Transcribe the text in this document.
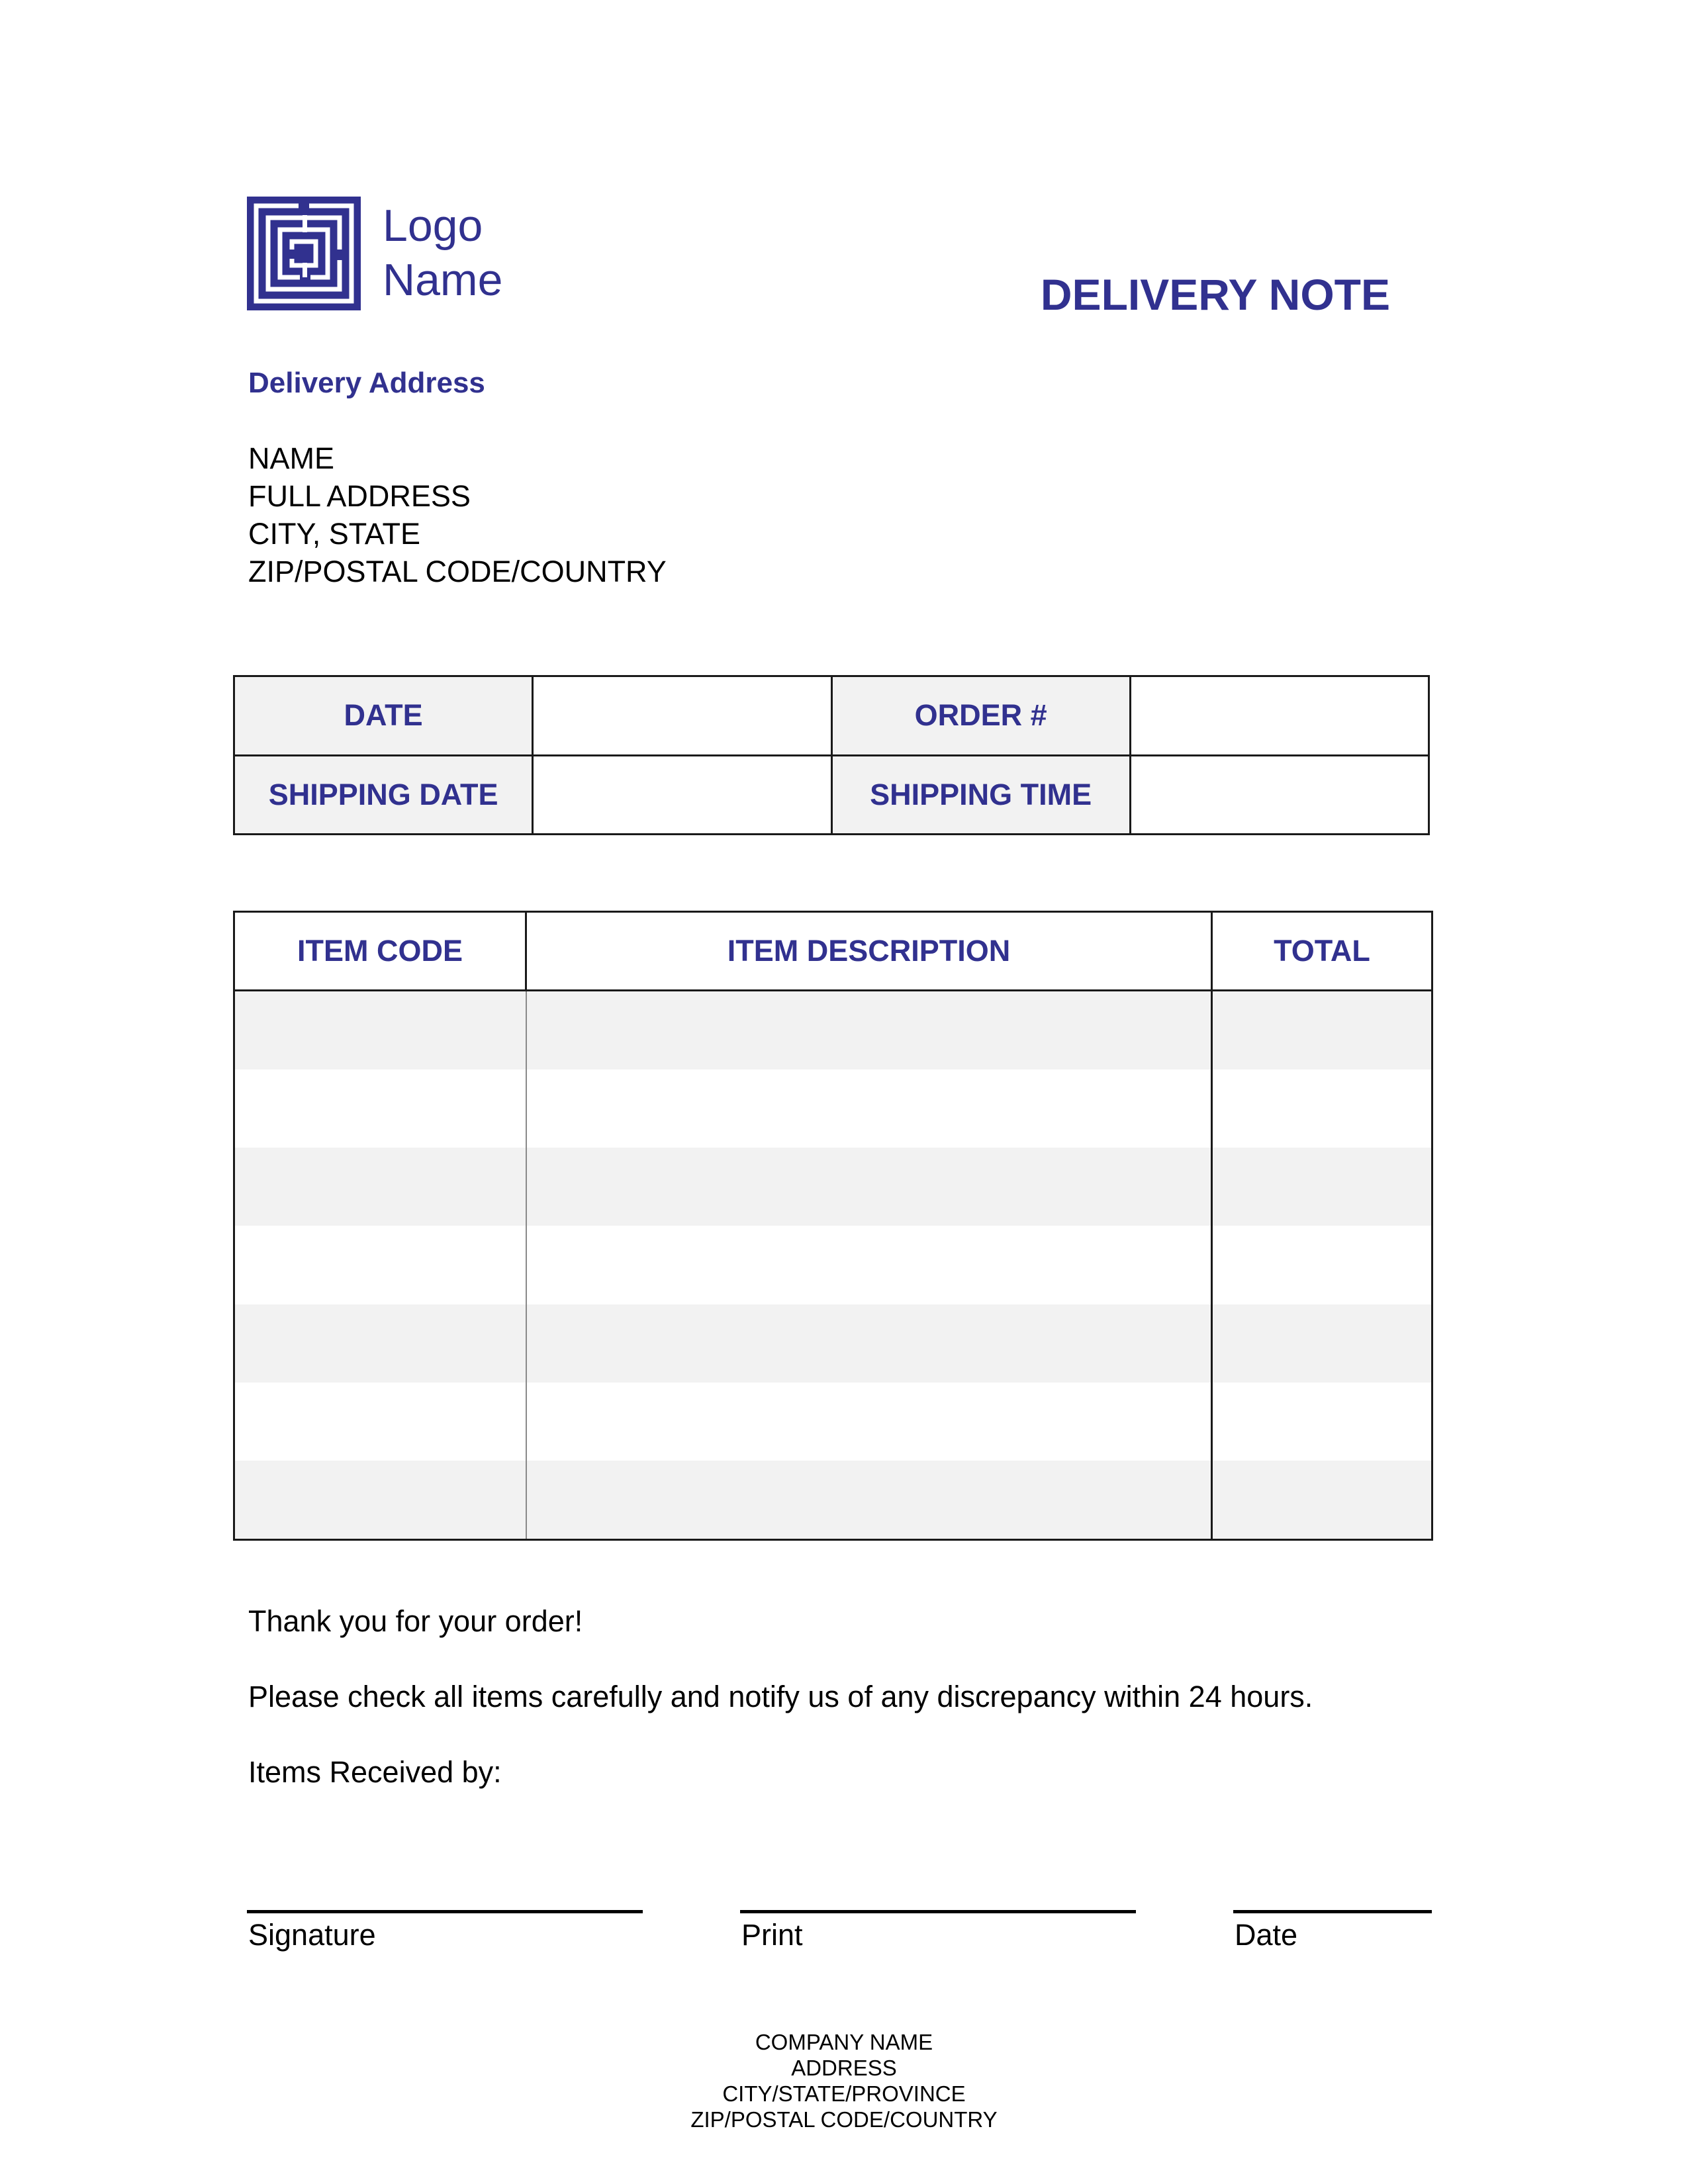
Logo
Name	DELIVERY NOTE
Delivery Address
NAME
FULL ADDRESS
CITY, STATE
ZIP/POSTAL CODE/COUNTRY
DATE		ORDER #	
SHIPPING DATE		SHIPPING TIME	
ITEM CODE	ITEM DESCRIPTION	TOTAL

Thank you for your order!
Please check all items carefully and notify us of any discrepancy within 24 hours.
Items Received by:
Signature	Print	Date
COMPANY NAME
ADDRESS
CITY/STATE/PROVINCE
ZIP/POSTAL CODE/COUNTRY
